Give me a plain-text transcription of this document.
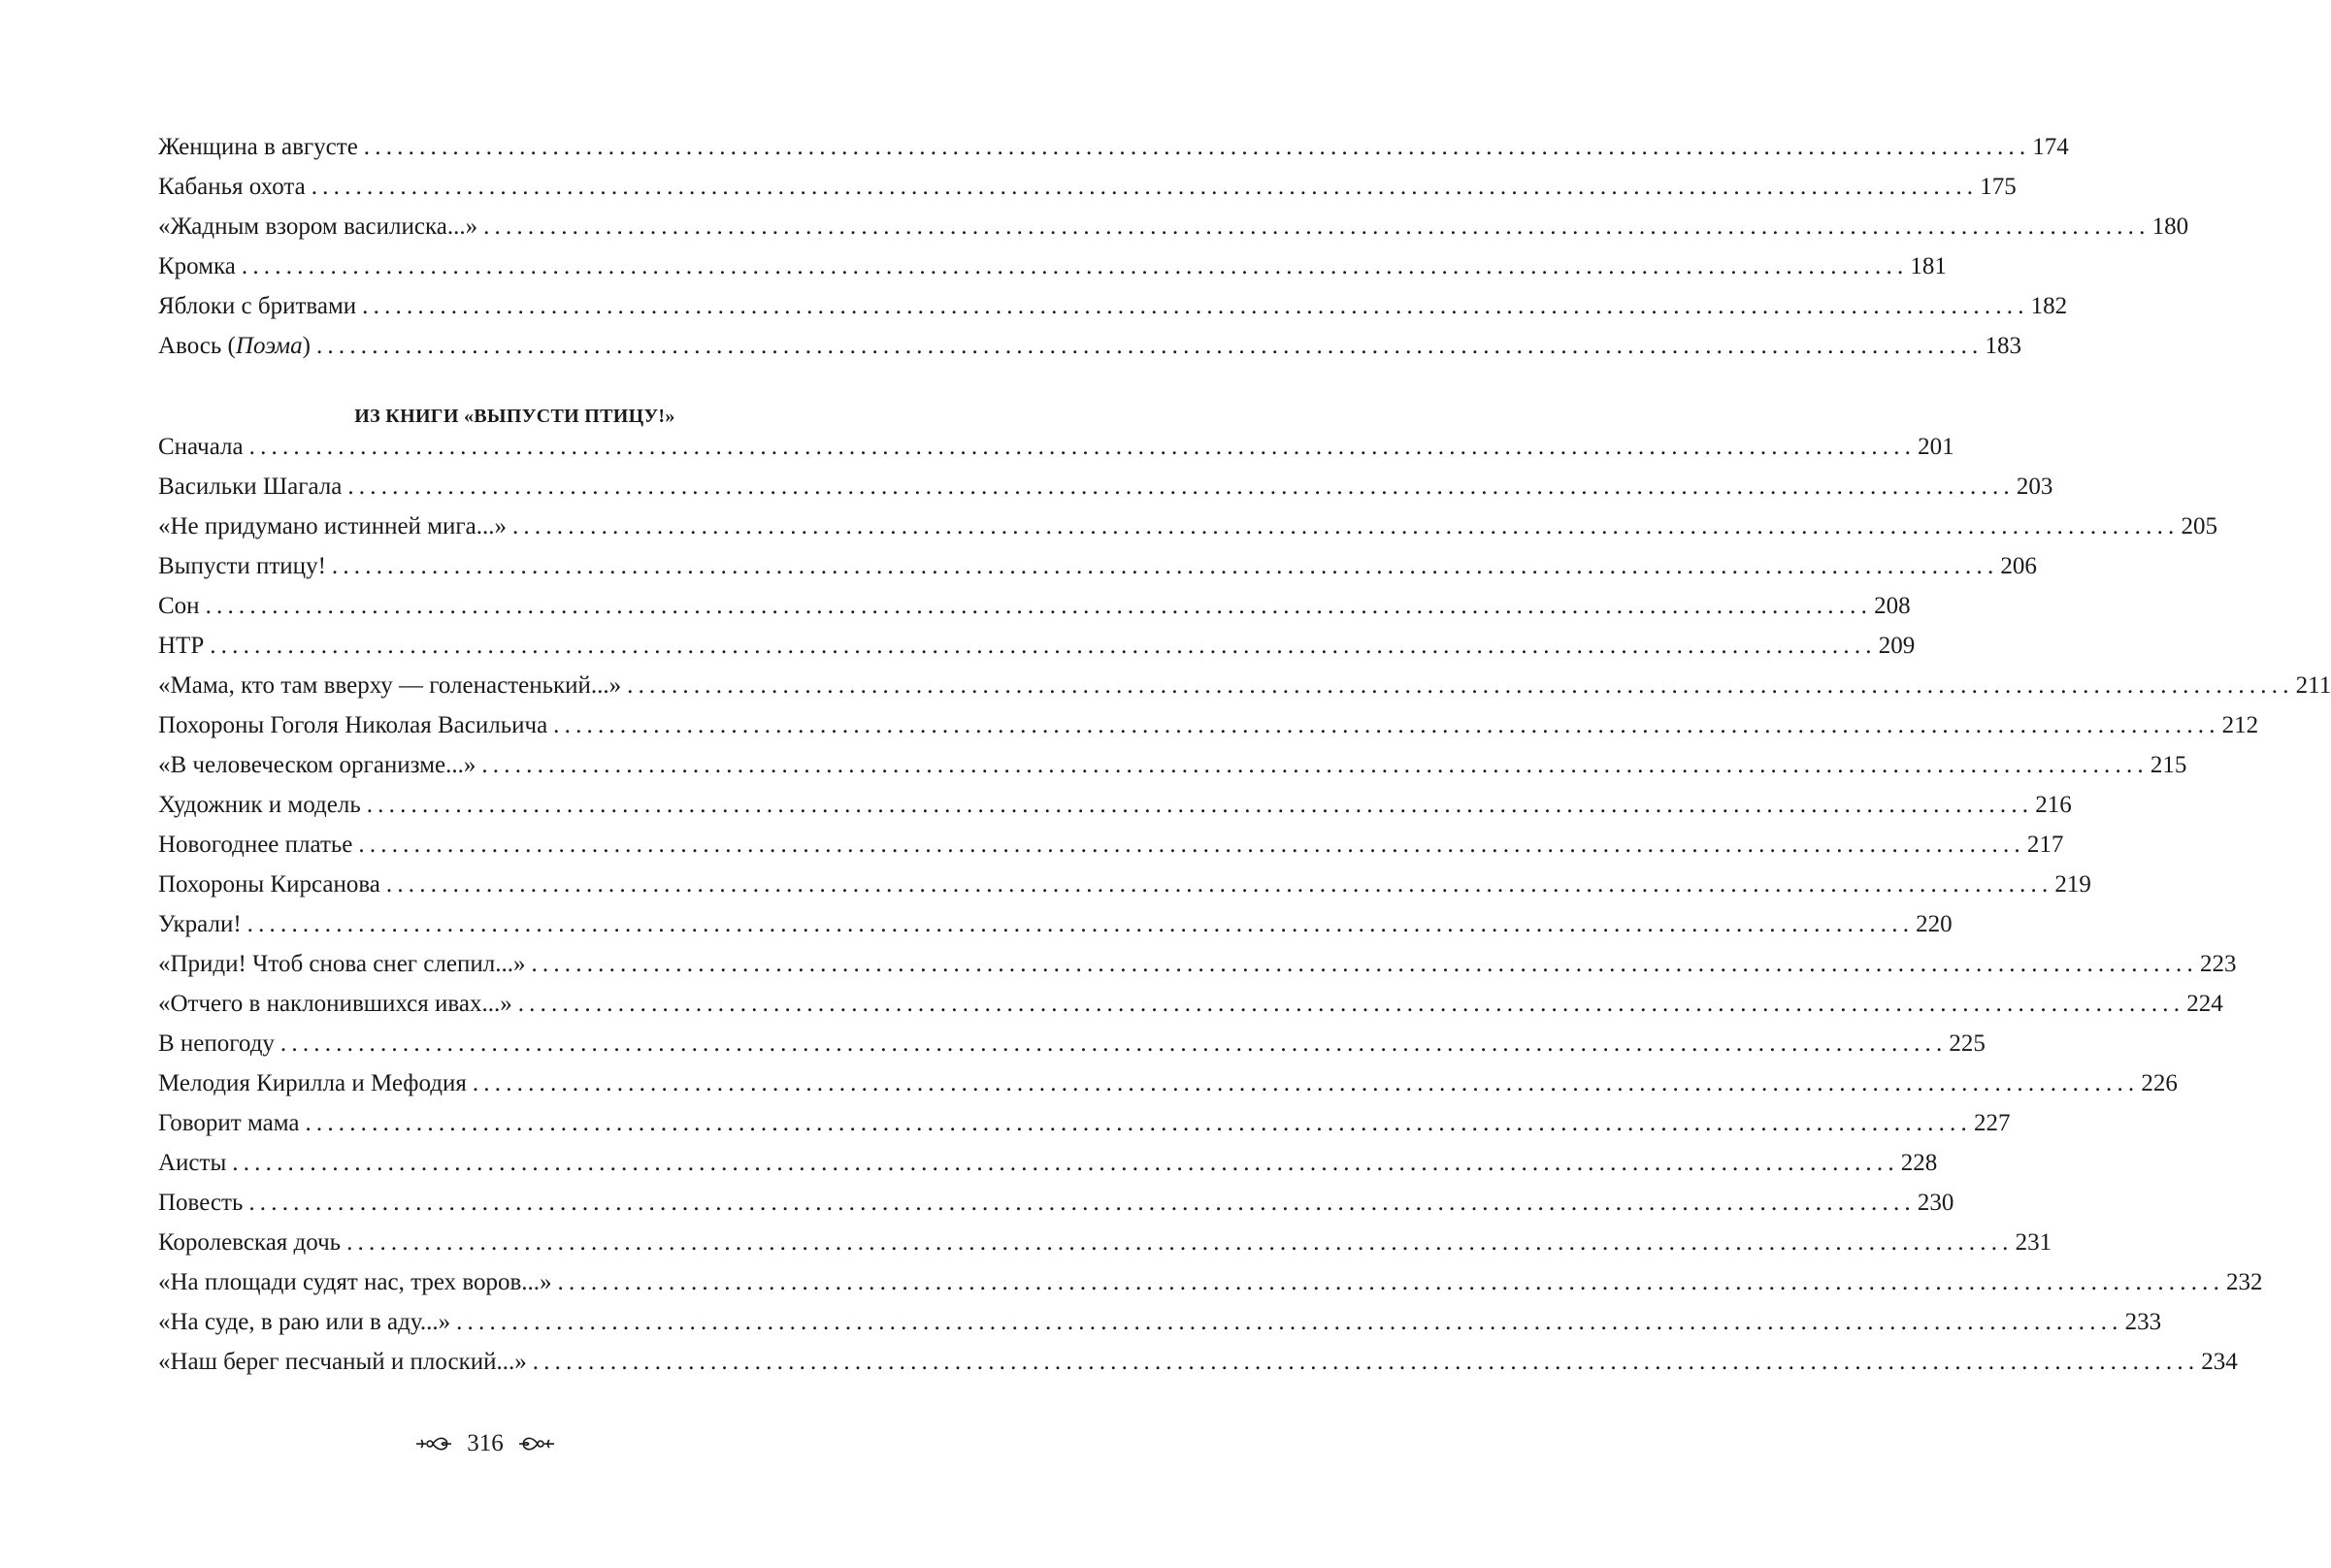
Женщина в августе ...................................................................................................................................................... 174
Кабанья охота ...................................................................................................................................................... 175
«Жадным взором василиска...» ...................................................................................................................................................... 180
Кромка ...................................................................................................................................................... 181
Яблоки с бритвами ...................................................................................................................................................... 182
Авось (Поэма) ...................................................................................................................................................... 183
ИЗ КНИГИ «ВЫПУСТИ ПТИЦУ!»
Сначала ...................................................................................................................................................... 201
Васильки Шагала ...................................................................................................................................................... 203
«Не придумано истинней мига...» ...................................................................................................................................................... 205
Выпусти птицу! ...................................................................................................................................................... 206
Сон ...................................................................................................................................................... 208
НТР ...................................................................................................................................................... 209
«Мама, кто там вверху — голенастенький...» ...................................................................................................................................................... 211
Похороны Гоголя Николая Васильича ...................................................................................................................................................... 212
«В человеческом организме...» ...................................................................................................................................................... 215
Художник и модель ...................................................................................................................................................... 216
Новогоднее платье ...................................................................................................................................................... 217
Похороны Кирсанова ...................................................................................................................................................... 219
Украли! ...................................................................................................................................................... 220
«Приди! Чтоб снова снег слепил...» ...................................................................................................................................................... 223
«Отчего в наклонившихся ивах...» ...................................................................................................................................................... 224
В непогоду ...................................................................................................................................................... 225
Мелодия Кирилла и Мефодия ...................................................................................................................................................... 226
Говорит мама ...................................................................................................................................................... 227
Аисты ...................................................................................................................................................... 228
Повесть ...................................................................................................................................................... 230
Королевская дочь ...................................................................................................................................................... 231
«На площади судят нас, трех воров...» ...................................................................................................................................................... 232
«На суде, в раю или в аду...» ...................................................................................................................................................... 233
«Наш берег песчаный и плоский...» ...................................................................................................................................................... 234
316
